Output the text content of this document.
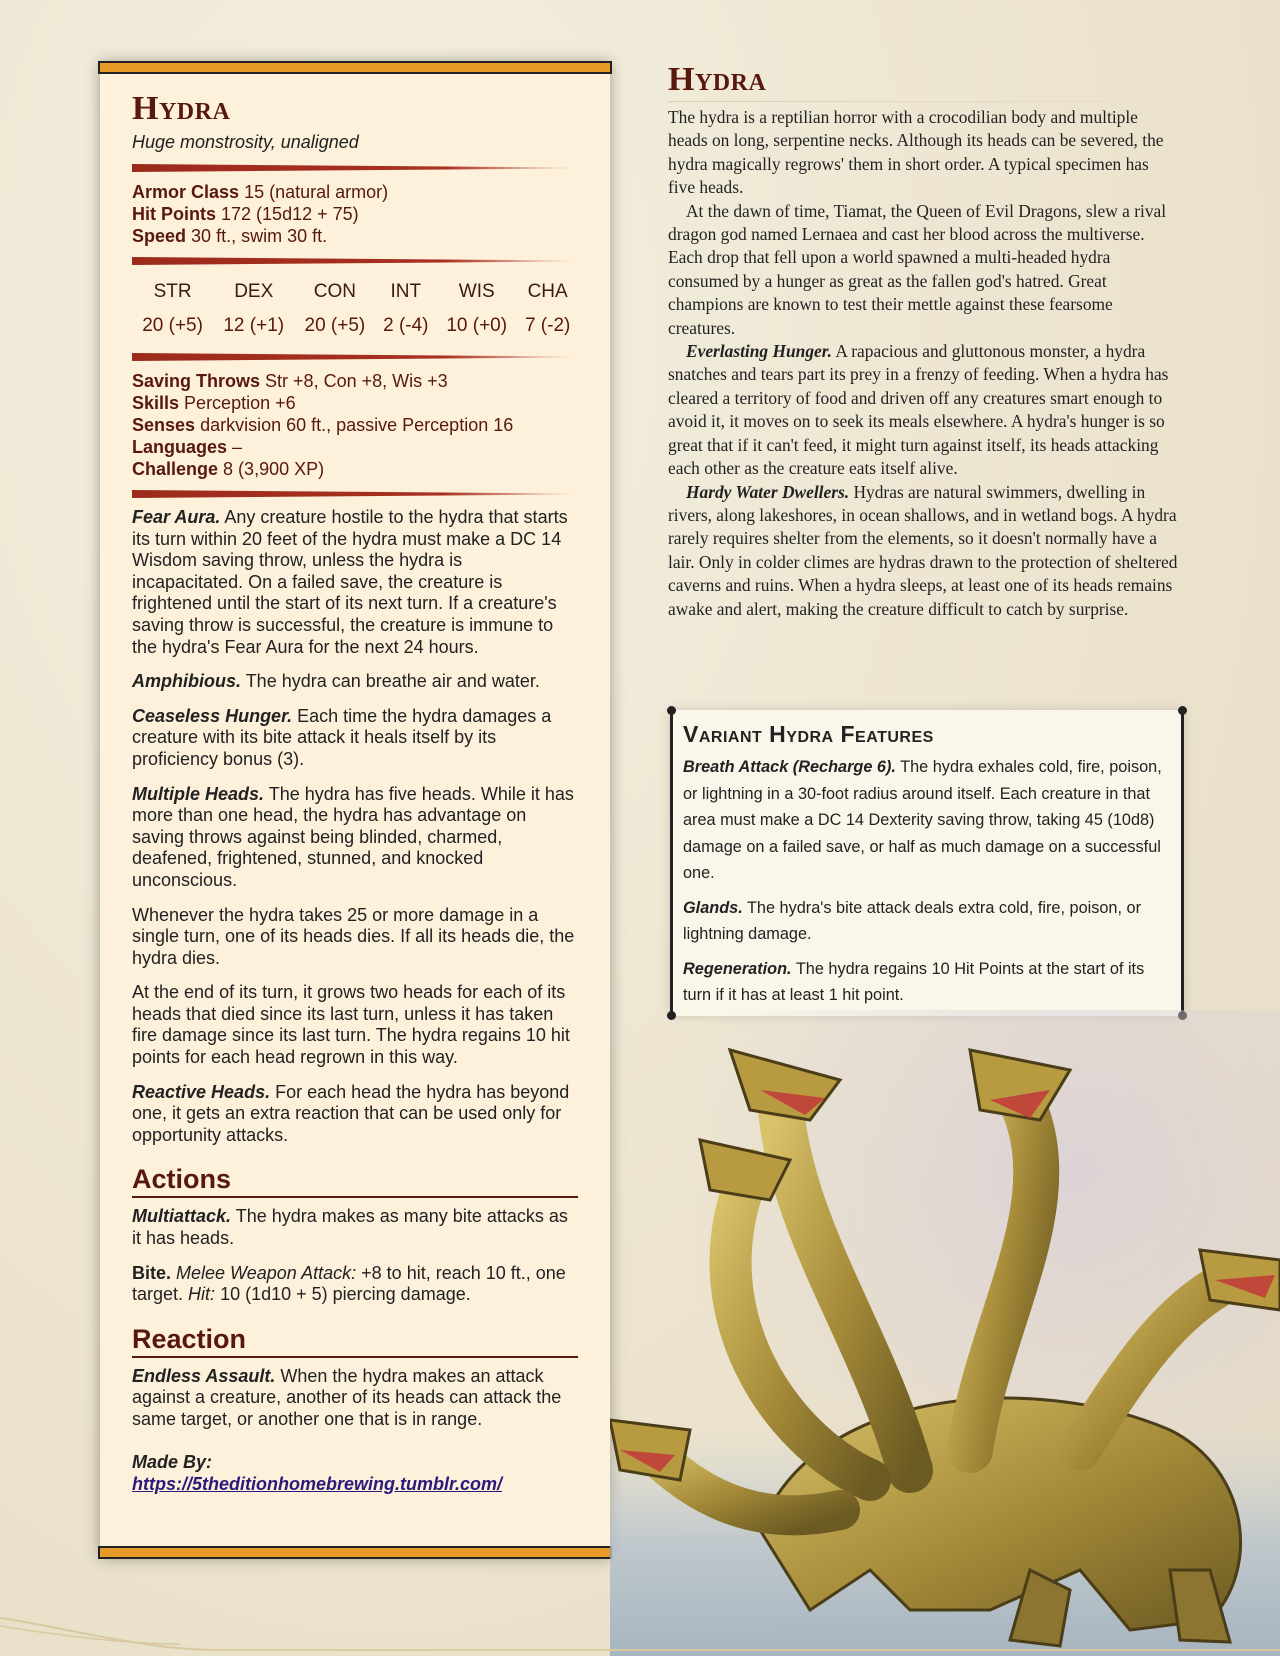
Hydra
Huge monstrosity, unaligned
Armor Class 15 (natural armor)
Hit Points 172 (15d12 + 75)
Speed 30 ft., swim 30 ft.
STR	DEX	CON	INT	WIS	CHA
20 (+5)	12 (+1)	20 (+5)	2 (-4)	10 (+0)	7 (-2)
Saving Throws Str +8, Con +8, Wis +3
Skills Perception +6
Senses darkvision 60 ft., passive Perception 16
Languages –
Challenge 8 (3,900 XP)

Fear Aura. Any creature hostile to the hydra that starts its turn within 20 feet of the hydra must make a DC 14 Wisdom saving throw, unless the hydra is incapacitated. On a failed save, the creature is frightened until the start of its next turn. If a creature's saving throw is successful, the creature is immune to the hydra's Fear Aura for the next 24 hours.

Amphibious. The hydra can breathe air and water.

Ceaseless Hunger. Each time the hydra damages a creature with its bite attack it heals itself by its proficiency bonus (3).

Multiple Heads. The hydra has five heads. While it has more than one head, the hydra has advantage on saving throws against being blinded, charmed, deafened, frightened, stunned, and knocked unconscious.

Whenever the hydra takes 25 or more damage in a single turn, one of its heads dies. If all its heads die, the hydra dies.

At the end of its turn, it grows two heads for each of its heads that died since its last turn, unless it has taken fire damage since its last turn. The hydra regains 10 hit points for each head regrown in this way.

Reactive Heads. For each head the hydra has beyond one, it gets an extra reaction that can be used only for opportunity attacks.

Actions

Multiattack. The hydra makes as many bite attacks as it has heads.

Bite. Melee Weapon Attack: +8 to hit, reach 10 ft., one target. Hit: 10 (1d10 + 5) piercing damage.

Reaction

Endless Assault. When the hydra makes an attack against a creature, another of its heads can attack the same target, or another one that is in range.

Made By:
https://5theditionhomebrewing.tumblr.com/
Hydra

The hydra is a reptilian horror with a crocodilian body and multiple heads on long, serpentine necks. Although its heads can be severed, the hydra magically regrows' them in short order. A typical specimen has five heads.

At the dawn of time, Tiamat, the Queen of Evil Dragons, slew a rival dragon god named Lernaea and cast her blood across the multiverse. Each drop that fell upon a world spawned a multi-headed hydra consumed by a hunger as great as the fallen god's hatred. Great champions are known to test their mettle against these fearsome creatures.

Everlasting Hunger. A rapacious and gluttonous monster, a hydra snatches and tears part its prey in a frenzy of feeding. When a hydra has cleared a territory of food and driven off any creatures smart enough to avoid it, it moves on to seek its meals elsewhere. A hydra's hunger is so great that if it can't feed, it might turn against itself, its heads attacking each other as the creature eats itself alive.

Hardy Water Dwellers. Hydras are natural swimmers, dwelling in rivers, along lakeshores, in ocean shallows, and in wetland bogs. A hydra rarely requires shelter from the elements, so it doesn't normally have a lair. Only in colder climes are hydras drawn to the protection of sheltered caverns and ruins. When a hydra sleeps, at least one of its heads remains awake and alert, making the creature difficult to catch by surprise.

Variant Hydra Features

Breath Attack (Recharge 6). The hydra exhales cold, fire, poison, or lightning in a 30-foot radius around itself. Each creature in that area must make a DC 14 Dexterity saving throw, taking 45 (10d8) damage on a failed save, or half as much damage on a successful one.

Glands. The hydra's bite attack deals extra cold, fire, poison, or lightning damage.

Regeneration. The hydra regains 10 Hit Points at the start of its turn if it has at least 1 hit point.
